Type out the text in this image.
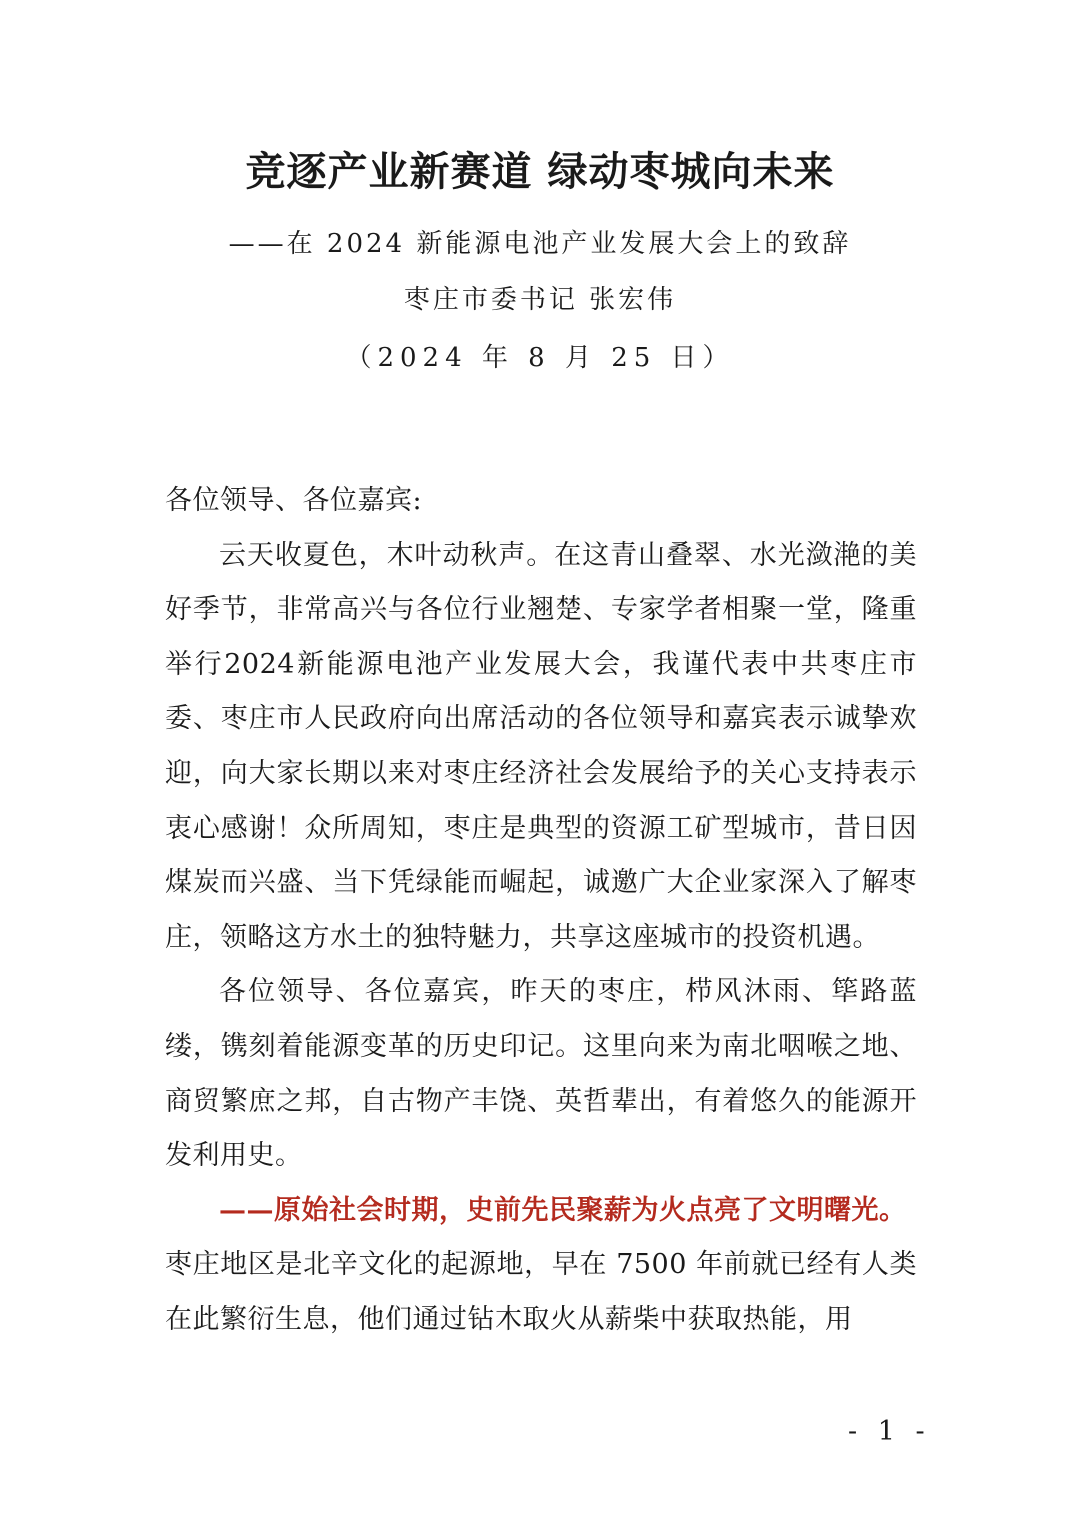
竞逐产业新赛道 绿动枣城向未来
——在 2024 新能源电池产业发展大会上的致辞
枣庄市委书记 张宏伟
（2024 年 8 月 25 日）

各位领导、各位嘉宾:

云天收夏色，木叶动秋声。在这青山叠翠、水光潋滟的美好季节，非常高兴与各位行业翘楚、专家学者相聚一堂，隆重举行2024新能源电池产业发展大会，我谨代表中共枣庄市委、枣庄市人民政府向出席活动的各位领导和嘉宾表示诚挚欢迎，向大家长期以来对枣庄经济社会发展给予的关心支持表示衷心感谢！众所周知，枣庄是典型的资源工矿型城市，昔日因煤炭而兴盛、当下凭绿能而崛起，诚邀广大企业家深入了解枣庄，领略这方水土的独特魅力，共享这座城市的投资机遇。

各位领导、各位嘉宾，昨天的枣庄，栉风沐雨、筚路蓝缕，镌刻着能源变革的历史印记。这里向来为南北咽喉之地、商贸繁庶之邦，自古物产丰饶、英哲辈出，有着悠久的能源开发利用史。

——原始社会时期，史前先民聚薪为火点亮了文明曙光。

枣庄地区是北辛文化的起源地，早在 7500 年前就已经有人类在此繁衍生息，他们通过钻木取火从薪柴中获取热能，用

- 1 -
